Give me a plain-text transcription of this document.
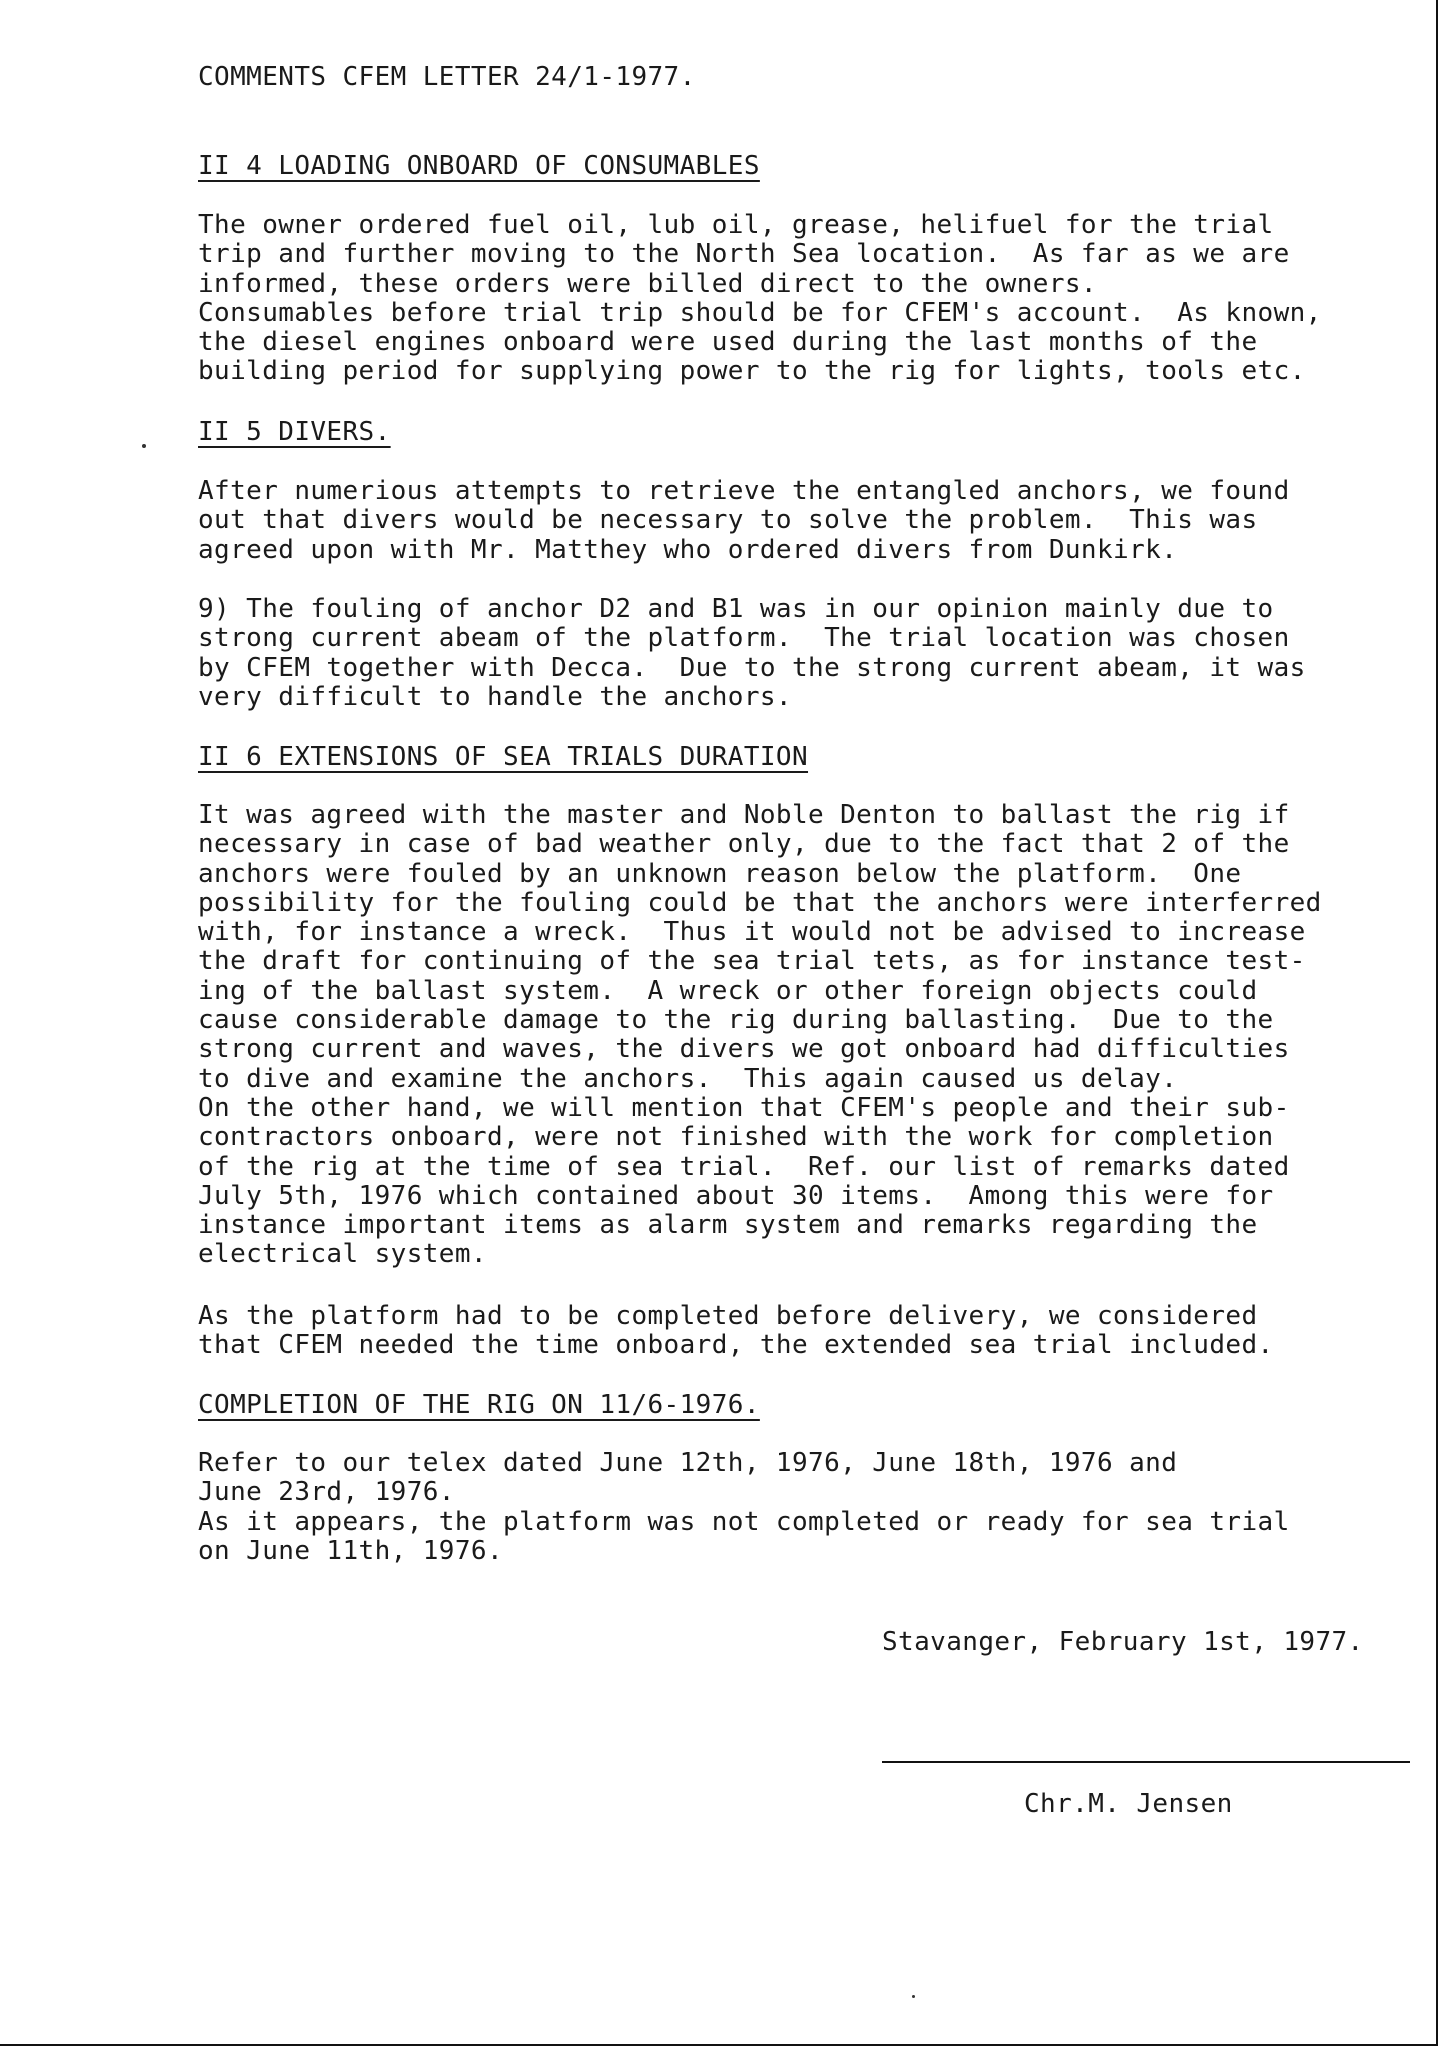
COMMENTS CFEM LETTER 24/1-1977.
II 4 LOADING ONBOARD OF CONSUMABLES
The owner ordered fuel oil, lub oil, grease, helifuel for the trial
trip and further moving to the North Sea location.  As far as we are
informed, these orders were billed direct to the owners.
Consumables before trial trip should be for CFEM's account.  As known,
the diesel engines onboard were used during the last months of the
building period for supplying power to the rig for lights, tools etc.
II 5 DIVERS.
After numerious attempts to retrieve the entangled anchors, we found
out that divers would be necessary to solve the problem.  This was
agreed upon with Mr. Matthey who ordered divers from Dunkirk.
9) The fouling of anchor D2 and B1 was in our opinion mainly due to
strong current abeam of the platform.  The trial location was chosen
by CFEM together with Decca.  Due to the strong current abeam, it was
very difficult to handle the anchors.
II 6 EXTENSIONS OF SEA TRIALS DURATION
It was agreed with the master and Noble Denton to ballast the rig if
necessary in case of bad weather only, due to the fact that 2 of the
anchors were fouled by an unknown reason below the platform.  One
possibility for the fouling could be that the anchors were interferred
with, for instance a wreck.  Thus it would not be advised to increase
the draft for continuing of the sea trial tets, as for instance test-
ing of the ballast system.  A wreck or other foreign objects could
cause considerable damage to the rig during ballasting.  Due to the
strong current and waves, the divers we got onboard had difficulties
to dive and examine the anchors.  This again caused us delay.
On the other hand, we will mention that CFEM's people and their sub-
contractors onboard, were not finished with the work for completion
of the rig at the time of sea trial.  Ref. our list of remarks dated
July 5th, 1976 which contained about 30 items.  Among this were for
instance important items as alarm system and remarks regarding the
electrical system.
As the platform had to be completed before delivery, we considered
that CFEM needed the time onboard, the extended sea trial included.
COMPLETION OF THE RIG ON 11/6-1976.
Refer to our telex dated June 12th, 1976, June 18th, 1976 and
June 23rd, 1976.
As it appears, the platform was not completed or ready for sea trial
on June 11th, 1976.
Stavanger, February 1st, 1977.
Chr.M. Jensen
